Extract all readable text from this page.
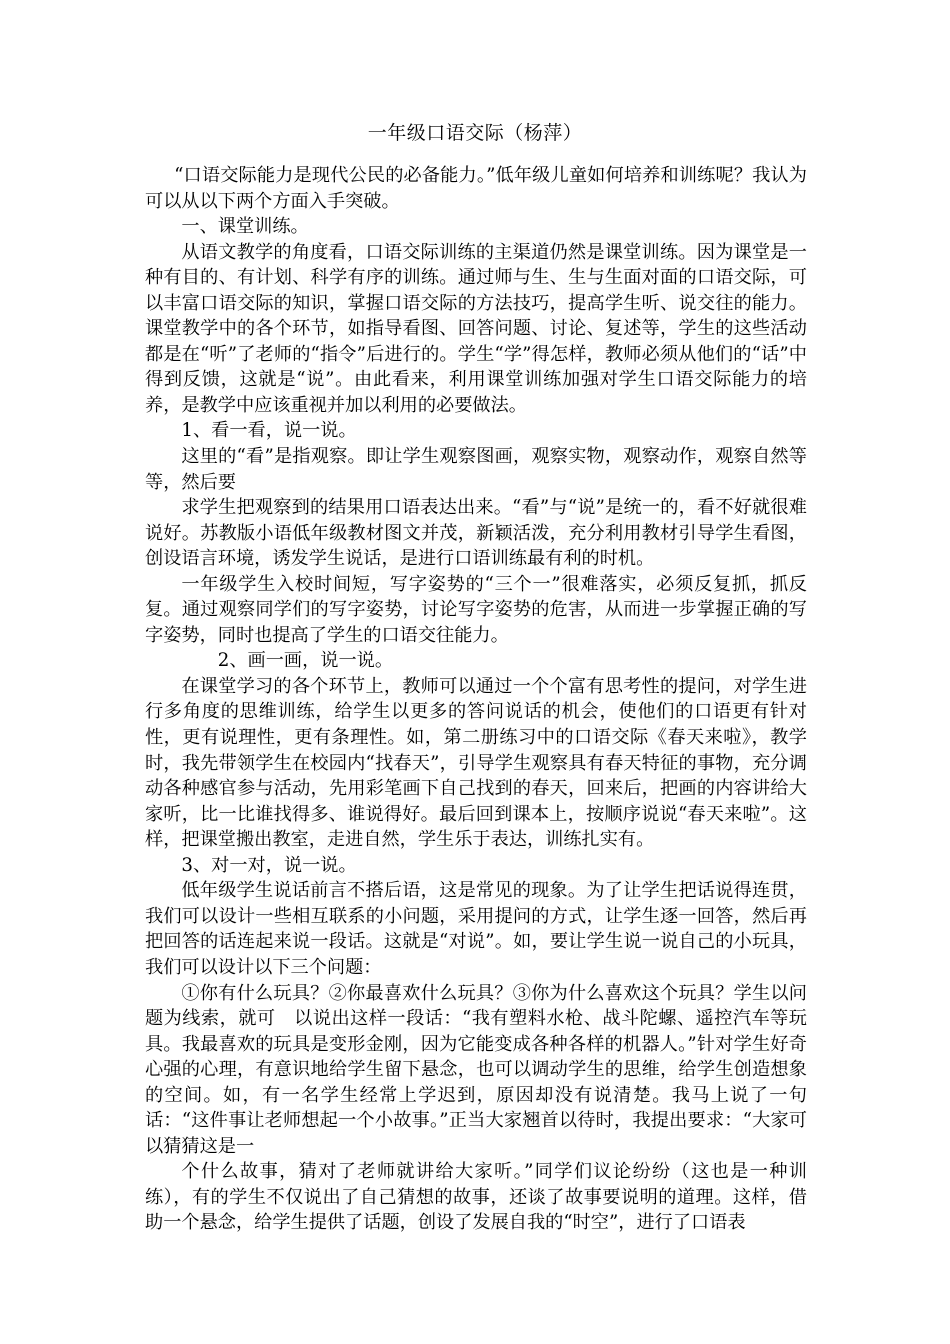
一年级口语交际（杨萍）

“口语交际能力是现代公民的必备能力。”低年级儿童如何培养和训练呢？我认为可以从以下两个方面入手突破。

一、课堂训练。

从语文教学的角度看，口语交际训练的主渠道仍然是课堂训练。因为课堂是一种有目的、有计划、科学有序的训练。通过师与生、生与生面对面的口语交际，可以丰富口语交际的知识，掌握口语交际的方法技巧，提高学生听、说交往的能力。课堂教学中的各个环节，如指导看图、回答问题、讨论、复述等，学生的这些活动都是在“听”了老师的“指令”后进行的。学生“学”得怎样，教师必须从他们的“话”中得到反馈，这就是“说”。由此看来，利用课堂训练加强对学生口语交际能力的培养，是教学中应该重视并加以利用的必要做法。

1、看一看，说一说。

这里的“看”是指观察。即让学生观察图画，观察实物，观察动作，观察自然等等，然后要

求学生把观察到的结果用口语表达出来。“看”与“说”是统一的，看不好就很难说好。苏教版小语低年级教材图文并茂，新颖活泼，充分利用教材引导学生看图，创设语言环境，诱发学生说话，是进行口语训练最有利的时机。

一年级学生入校时间短，写字姿势的“三个一”很难落实，必须反复抓，抓反复。通过观察同学们的写字姿势，讨论写字姿势的危害，从而进一步掌握正确的写字姿势，同时也提高了学生的口语交往能力。

2、画一画，说一说。

在课堂学习的各个环节上，教师可以通过一个个富有思考性的提问，对学生进行多角度的思维训练，给学生以更多的答问说话的机会，使他们的口语更有针对性，更有说理性，更有条理性。如，第二册练习中的口语交际《春天来啦》，教学时，我先带领学生在校园内“找春天”，引导学生观察具有春天特征的事物，充分调动各种感官参与活动，先用彩笔画下自己找到的春天，回来后，把画的内容讲给大家听，比一比谁找得多、谁说得好。最后回到课本上，按顺序说说“春天来啦”。这样，把课堂搬出教室，走进自然，学生乐于表达，训练扎实有。

3、对一对，说一说。

低年级学生说话前言不搭后语，这是常见的现象。为了让学生把话说得连贯，我们可以设计一些相互联系的小问题，采用提问的方式，让学生逐一回答，然后再把回答的话连起来说一段话。这就是“对说”。如，要让学生说一说自己的小玩具，我们可以设计以下三个问题：

①你有什么玩具？②你最喜欢什么玩具？③你为什么喜欢这个玩具？学生以问题为线索，就可　以说出这样一段话：“我有塑料水枪、战斗陀螺、遥控汽车等玩具。我最喜欢的玩具是变形金刚，因为它能变成各种各样的机器人。”针对学生好奇心强的心理，有意识地给学生留下悬念，也可以调动学生的思维，给学生创造想象的空间。如，有一名学生经常上学迟到，原因却没有说清楚。我马上说了一句话：“这件事让老师想起一个小故事。”正当大家翘首以待时，我提出要求：“大家可以猜猜这是一

个什么故事，猜对了老师就讲给大家听。”同学们议论纷纷（这也是一种训练），有的学生不仅说出了自己猜想的故事，还谈了故事要说明的道理。这样，借助一个悬念，给学生提供了话题，创设了发展自我的“时空”，进行了口语表
